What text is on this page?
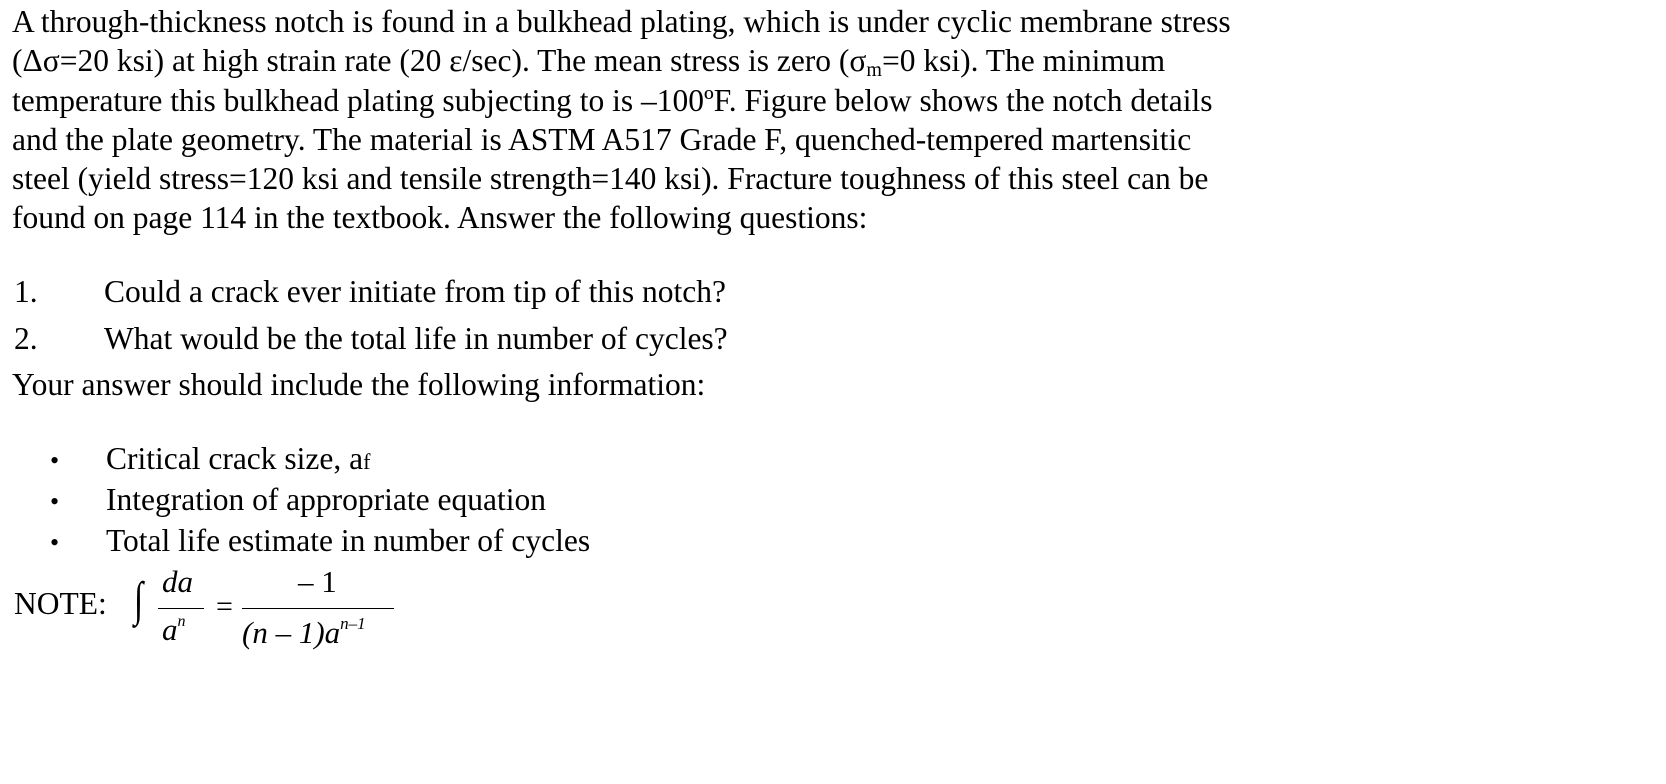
A through-thickness notch is found in a bulkhead plating, which is under cyclic membrane stress
(Δσ=20 ksi) at high strain rate (20 ε/sec). The mean stress is zero ($\sigma_m=0$ ksi). The minimum
temperature this bulkhead plating subjecting to is –100ºF. Figure below shows the notch details
and the plate geometry. The material is ASTM A517 Grade F, quenched-tempered martensitic
steel (yield stress=120 ksi and tensile strength=140 ksi). Fracture toughness of this steel can be
found on page 114 in the textbook. Answer the following questions:
1. Could a crack ever initiate from tip of this notch?
2. What would be the total life in number of cycles?
Your answer should include the following information:
• Critical crack size, af
• Integration of appropriate equation
• Total life estimate in number of cycles
NOTE: ∫ da
$a^n$ =
– 1
$(n - 1)a^{n-1}$
